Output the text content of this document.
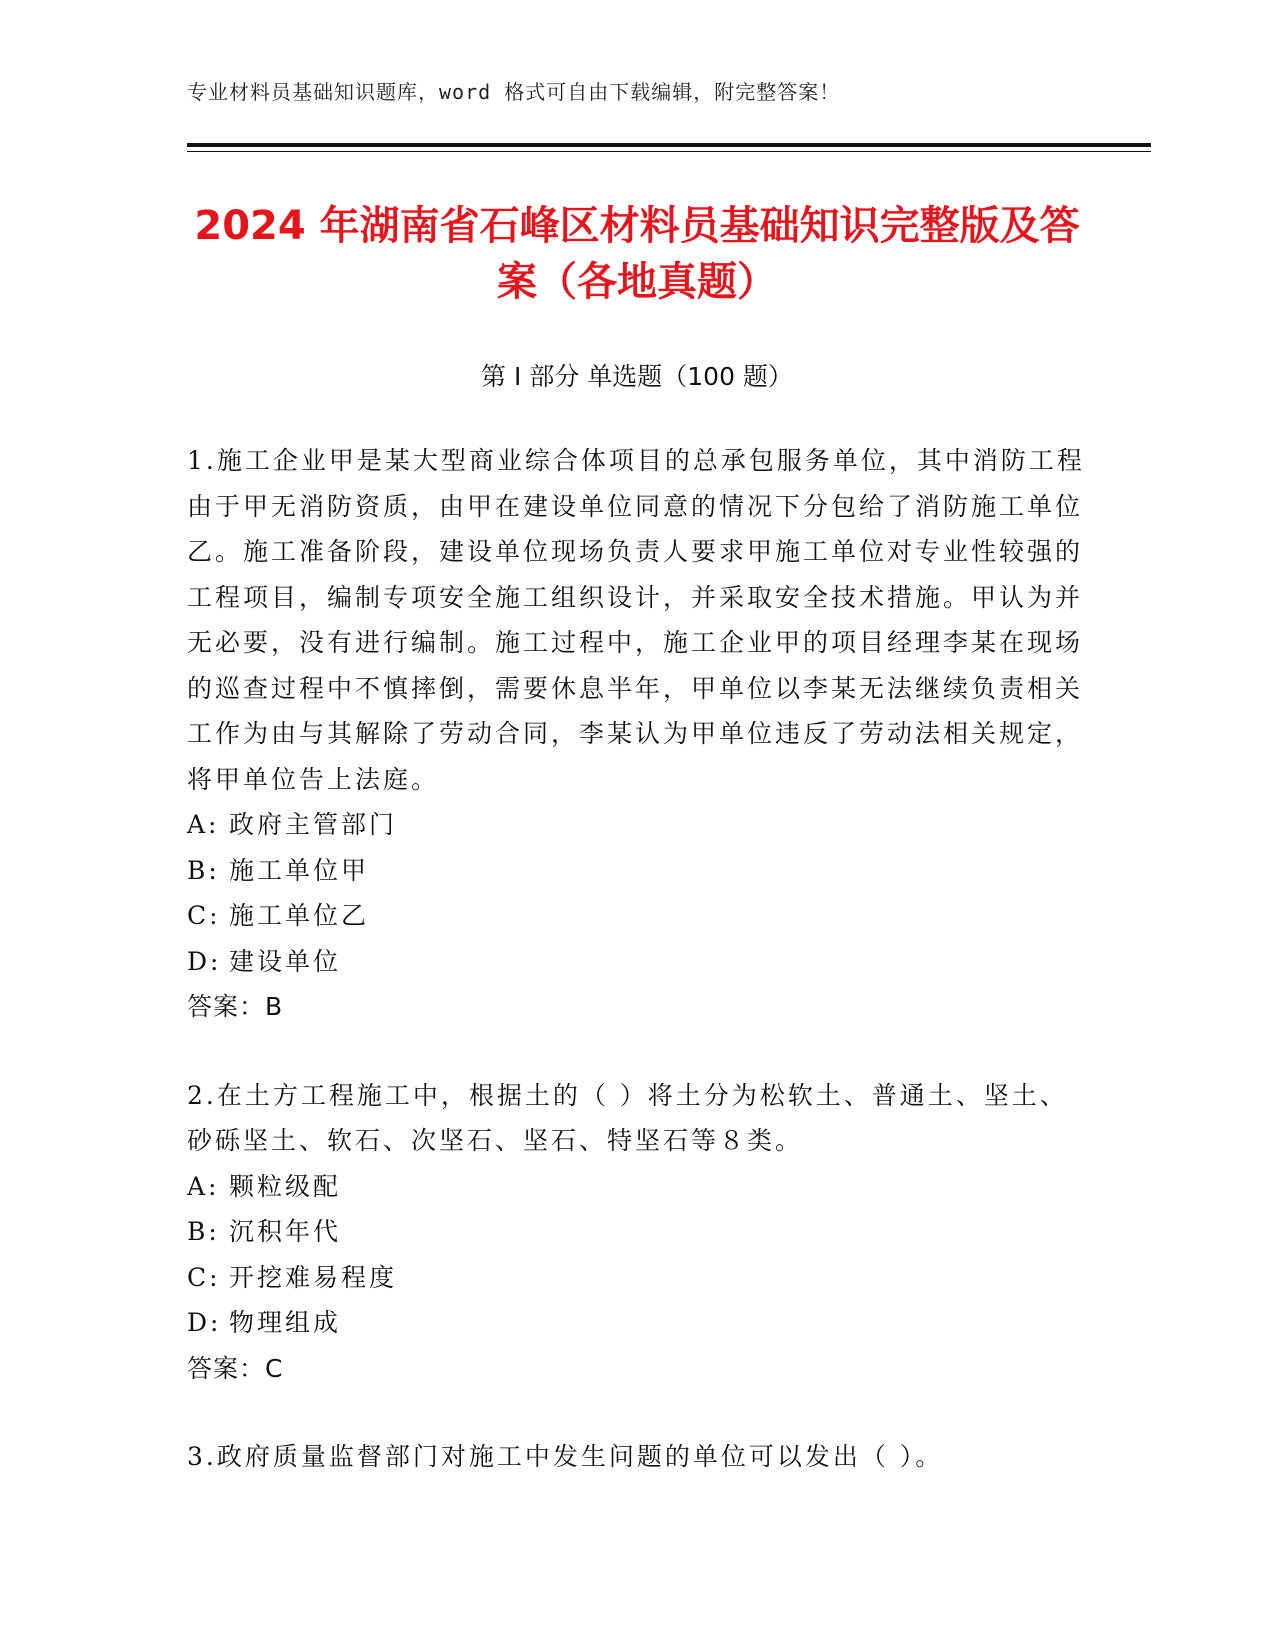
专业材料员基础知识题库，word 格式可自由下载编辑，附完整答案！
2024 年湖南省石峰区材料员基础知识完整版及答案（各地真题）
第 I 部分 单选题（100 题）
1.施工企业甲是某大型商业综合体项目的总承包服务单位，其中消防工程由于甲无消防资质，由甲在建设单位同意的情况下分包给了消防施工单位乙。施工准备阶段，建设单位现场负责人要求甲施工单位对专业性较强的工程项目，编制专项安全施工组织设计，并采取安全技术措施。甲认为并无必要，没有进行编制。施工过程中，施工企业甲的项目经理李某在现场的巡查过程中不慎摔倒，需要休息半年，甲单位以李某无法继续负责相关工作为由与其解除了劳动合同，李某认为甲单位违反了劳动法相关规定，将甲单位告上法庭。
A: 政府主管部门
B: 施工单位甲
C: 施工单位乙
D: 建设单位
答案：B
2.在土方工程施工中，根据土的（ ）将土分为松软土、普通土、坚土、砂砾坚土、软石、次坚石、坚石、特坚石等８类。
A: 颗粒级配
B: 沉积年代
C: 开挖难易程度
D: 物理组成
答案：C
3.政府质量监督部门对施工中发生问题的单位可以发出（ ）。
